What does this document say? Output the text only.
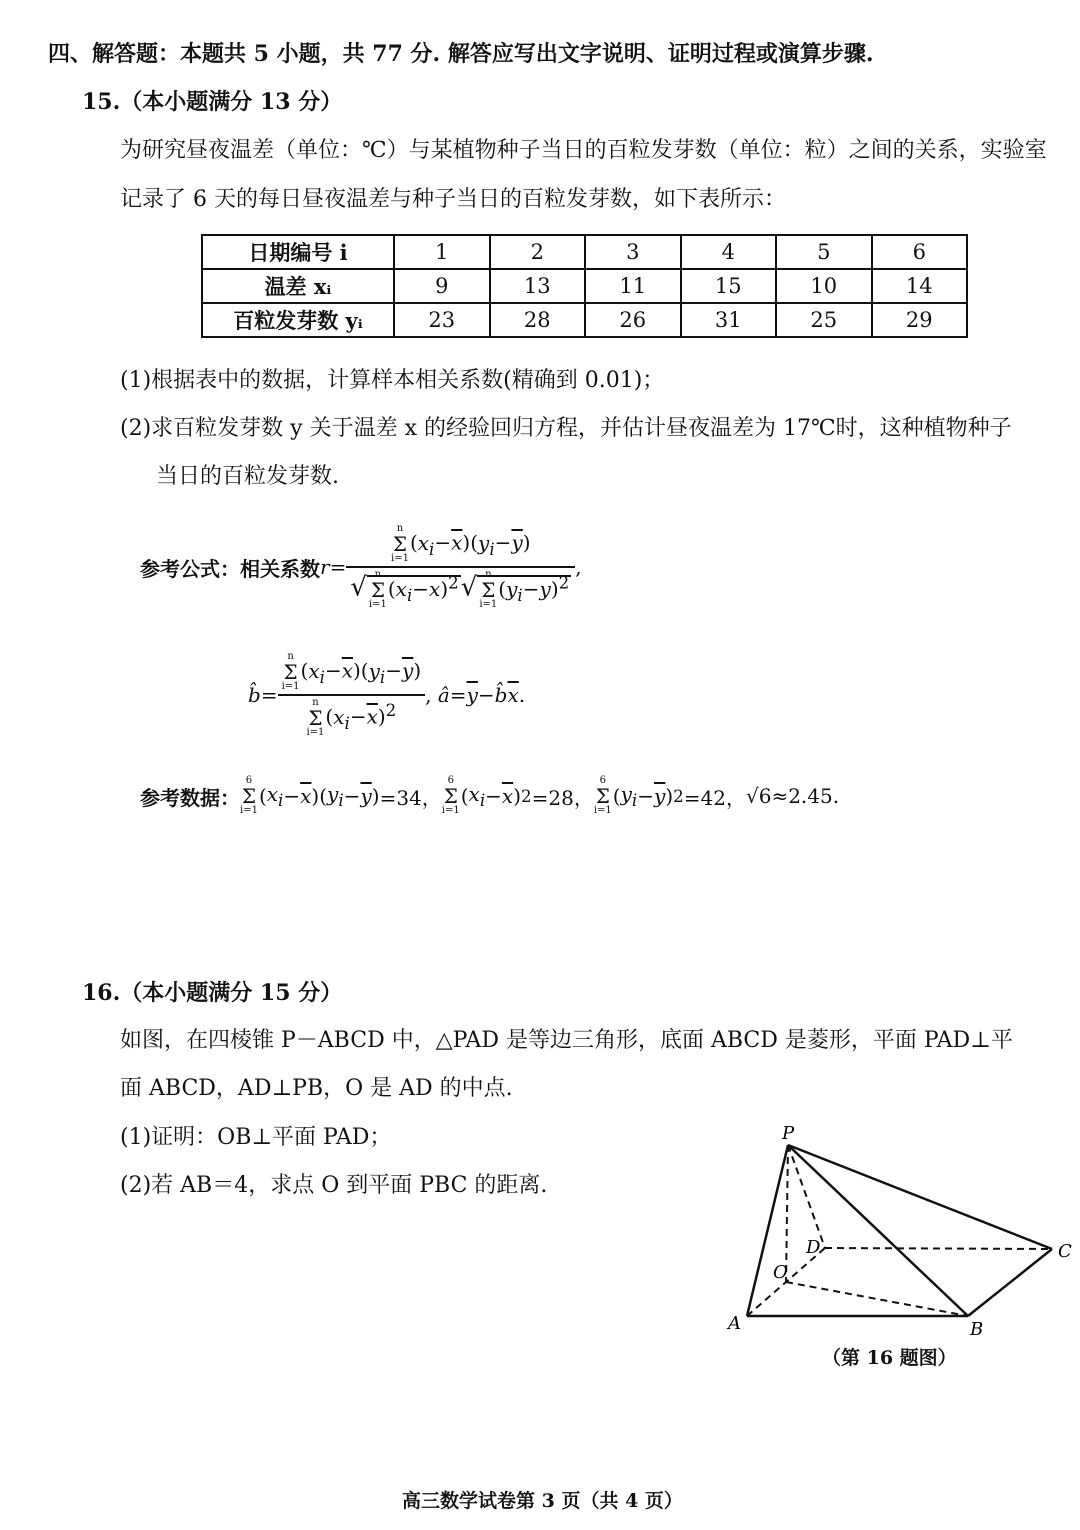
四、解答题：本题共 5 小题，共 77 分. 解答应写出文字说明、证明过程或演算步骤.
15.（本小题满分 13 分）
为研究昼夜温差（单位：℃）与某植物种子当日的百粒发芽数（单位：粒）之间的关系，实验室
记录了 6 天的每日昼夜温差与种子当日的百粒发芽数，如下表所示：
日期编号 i	1	2	3	4	5	6
温差 xᵢ	9	13	11	15	10	14
百粒发芽数 yᵢ	23	28	26	31	25	29
(1)根据表中的数据，计算样本相关系数(精确到 0.01)；
(2)求百粒发芽数 y 关于温差 x 的经验回归方程，并估计昼夜温差为 17℃时，这种植物种子
当日的百粒发芽数.
参考公式：相关系数 r = n
Σ
i=1
$(x_i-\overline{x})(y_i-\overline{y})$
√ n
Σ
i=1
$(x_i-\overline{x})^2√$ n
Σ
i=1
$(y_i-\overline{y})^2$ ,
b̂ = n
Σ
i=1
$(x_i-\overline{x})(y_i-\overline{y})$
n
Σ
i=1
$(x_i-\overline{x})^2$ , â = $\overline{y}$ − b̂ $\overline{x}$ .
参考数据：
6
Σ
i=1
( $x_i - \overline{x}$ )( $y_i - \overline{y}$ ) =34，
6
Σ
i=1
( $x_i - \overline{x}$ ) 2 =28，
6
Σ
i=1
( $y_i - \overline{y}$ ) 2 =42， √6≈2.45.
16.（本小题满分 15 分）
如图，在四棱锥 P－ABCD 中，△PAD 是等边三角形，底面 ABCD 是菱形，平面 PAD⊥平
面 ABCD，AD⊥PB，O 是 AD 的中点.
(1)证明：OB⊥平面 PAD；
(2)若 AB＝4，求点 O 到平面 PBC 的距离.
P
A	B
C
D
O
（第 16 题图）
高三数学试卷第 3 页（共 4 页）
